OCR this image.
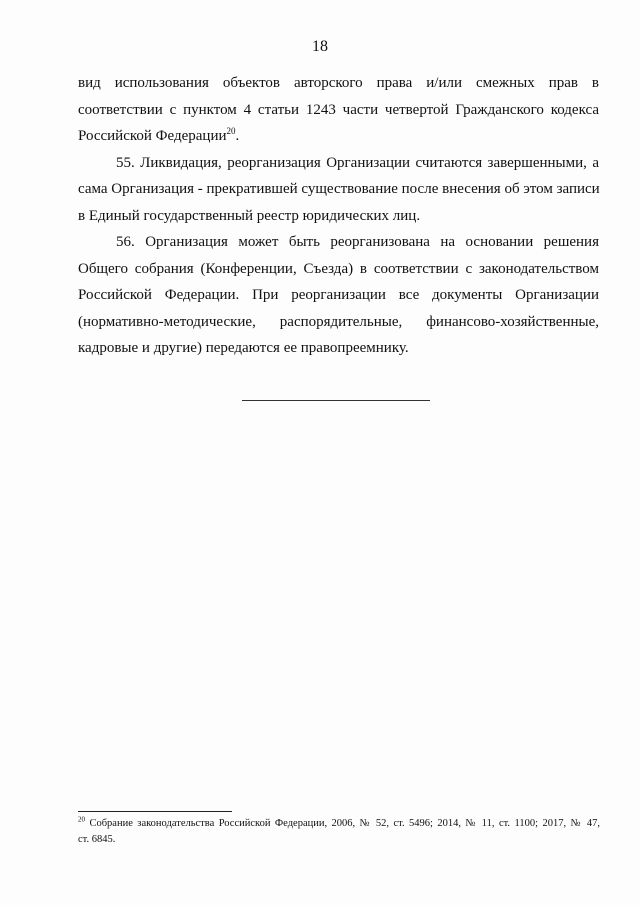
18
вид использования объектов авторского права и/или смежных прав в
соответствии с пунктом 4 статьи 1243 части четвертой Гражданского кодекса
Российской Федерации$^{20}$.
55. Ликвидация, реорганизация Организации считаются завершенными, а
сама Организация - прекратившей существование после внесения об этом записи
в Единый государственный реестр юридических лиц.
56. Организация может быть реорганизована на основании решения
Общего собрания (Конференции, Съезда) в соответствии с законодательством
Российской Федерации. При реорганизации все документы Организации
(нормативно-методические, распорядительные, финансово-хозяйственные,
кадровые и другие) передаются ее правопреемнику.
$^{20}$ Собрание законодательства Российской Федерации, 2006, № 52, ст. 5496; 2014, № 11, ст. 1100; 2017, № 47,
ст. 6845.
